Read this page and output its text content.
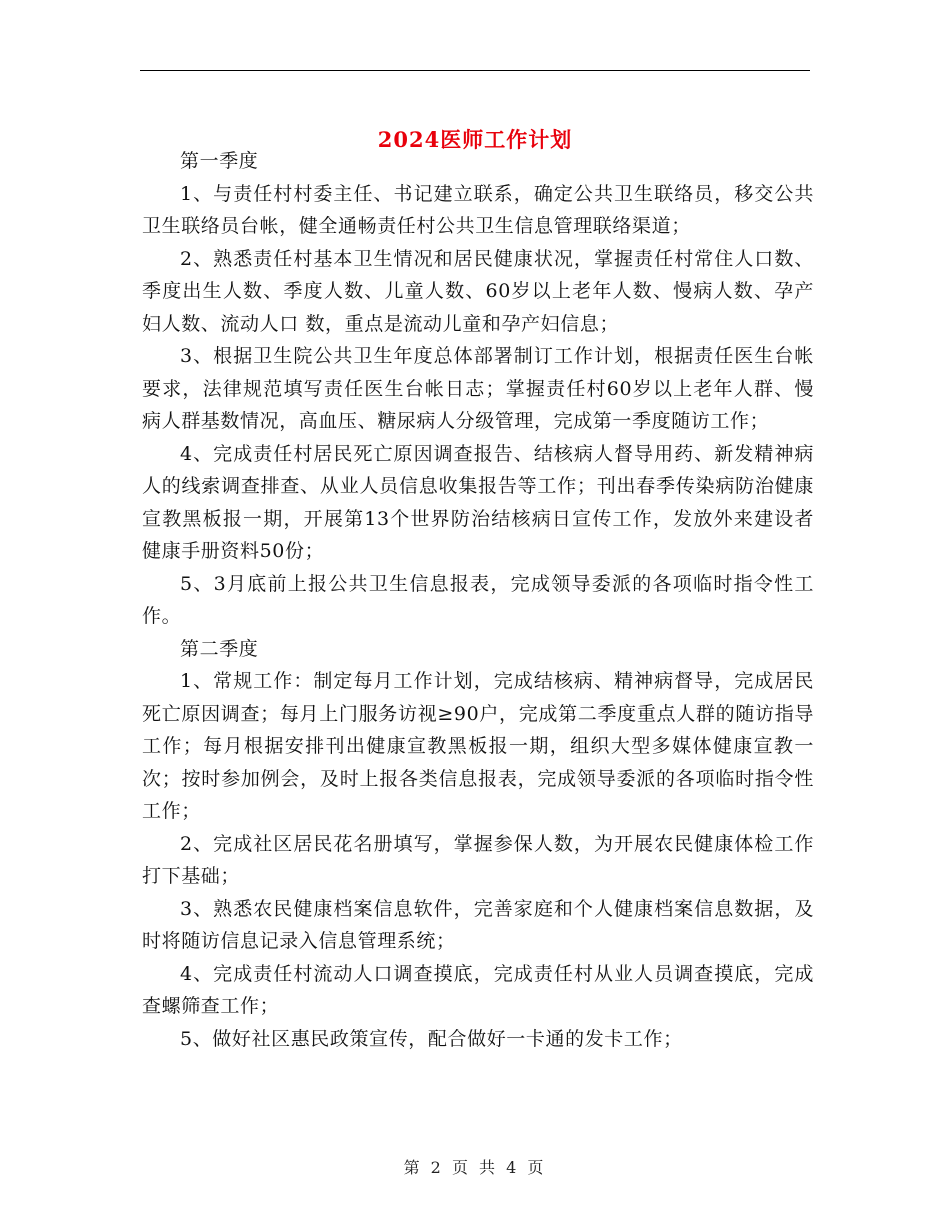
2024医师工作计划

第一季度

1、与责任村村委主任、书记建立联系，确定公共卫生联络员，移交公共卫生联络员台帐，健全通畅责任村公共卫生信息管理联络渠道；

2、熟悉责任村基本卫生情况和居民健康状况，掌握责任村常住人口数、季度出生人数、季度人数、儿童人数、60岁以上老年人数、慢病人数、孕产妇人数、流动人口 数，重点是流动儿童和孕产妇信息；

3、根据卫生院公共卫生年度总体部署制订工作计划，根据责任医生台帐要求，法律规范填写责任医生台帐日志；掌握责任村60岁以上老年人群、慢病人群基数情况，高血压、糖尿病人分级管理，完成第一季度随访工作；

4、完成责任村居民死亡原因调查报告、结核病人督导用药、新发精神病人的线索调查排查、从业人员信息收集报告等工作；刊出春季传染病防治健康宣教黑板报一期，开展第13个世界防治结核病日宣传工作，发放外来建设者健康手册资料50份；

5、3月底前上报公共卫生信息报表，完成领导委派的各项临时指令性工作。

第二季度

1、常规工作：制定每月工作计划，完成结核病、精神病督导，完成居民死亡原因调查；每月上门服务访视≥90户，完成第二季度重点人群的随访指导工作；每月根据安排刊出健康宣教黑板报一期，组织大型多媒体健康宣教一次；按时参加例会，及时上报各类信息报表，完成领导委派的各项临时指令性工作；

2、完成社区居民花名册填写，掌握参保人数，为开展农民健康体检工作打下基础；

3、熟悉农民健康档案信息软件，完善家庭和个人健康档案信息数据，及时将随访信息记录入信息管理系统；

4、完成责任村流动人口调查摸底，完成责任村从业人员调查摸底，完成查螺筛查工作；

5、做好社区惠民政策宣传，配合做好一卡通的发卡工作；

第 2 页 共 4 页
